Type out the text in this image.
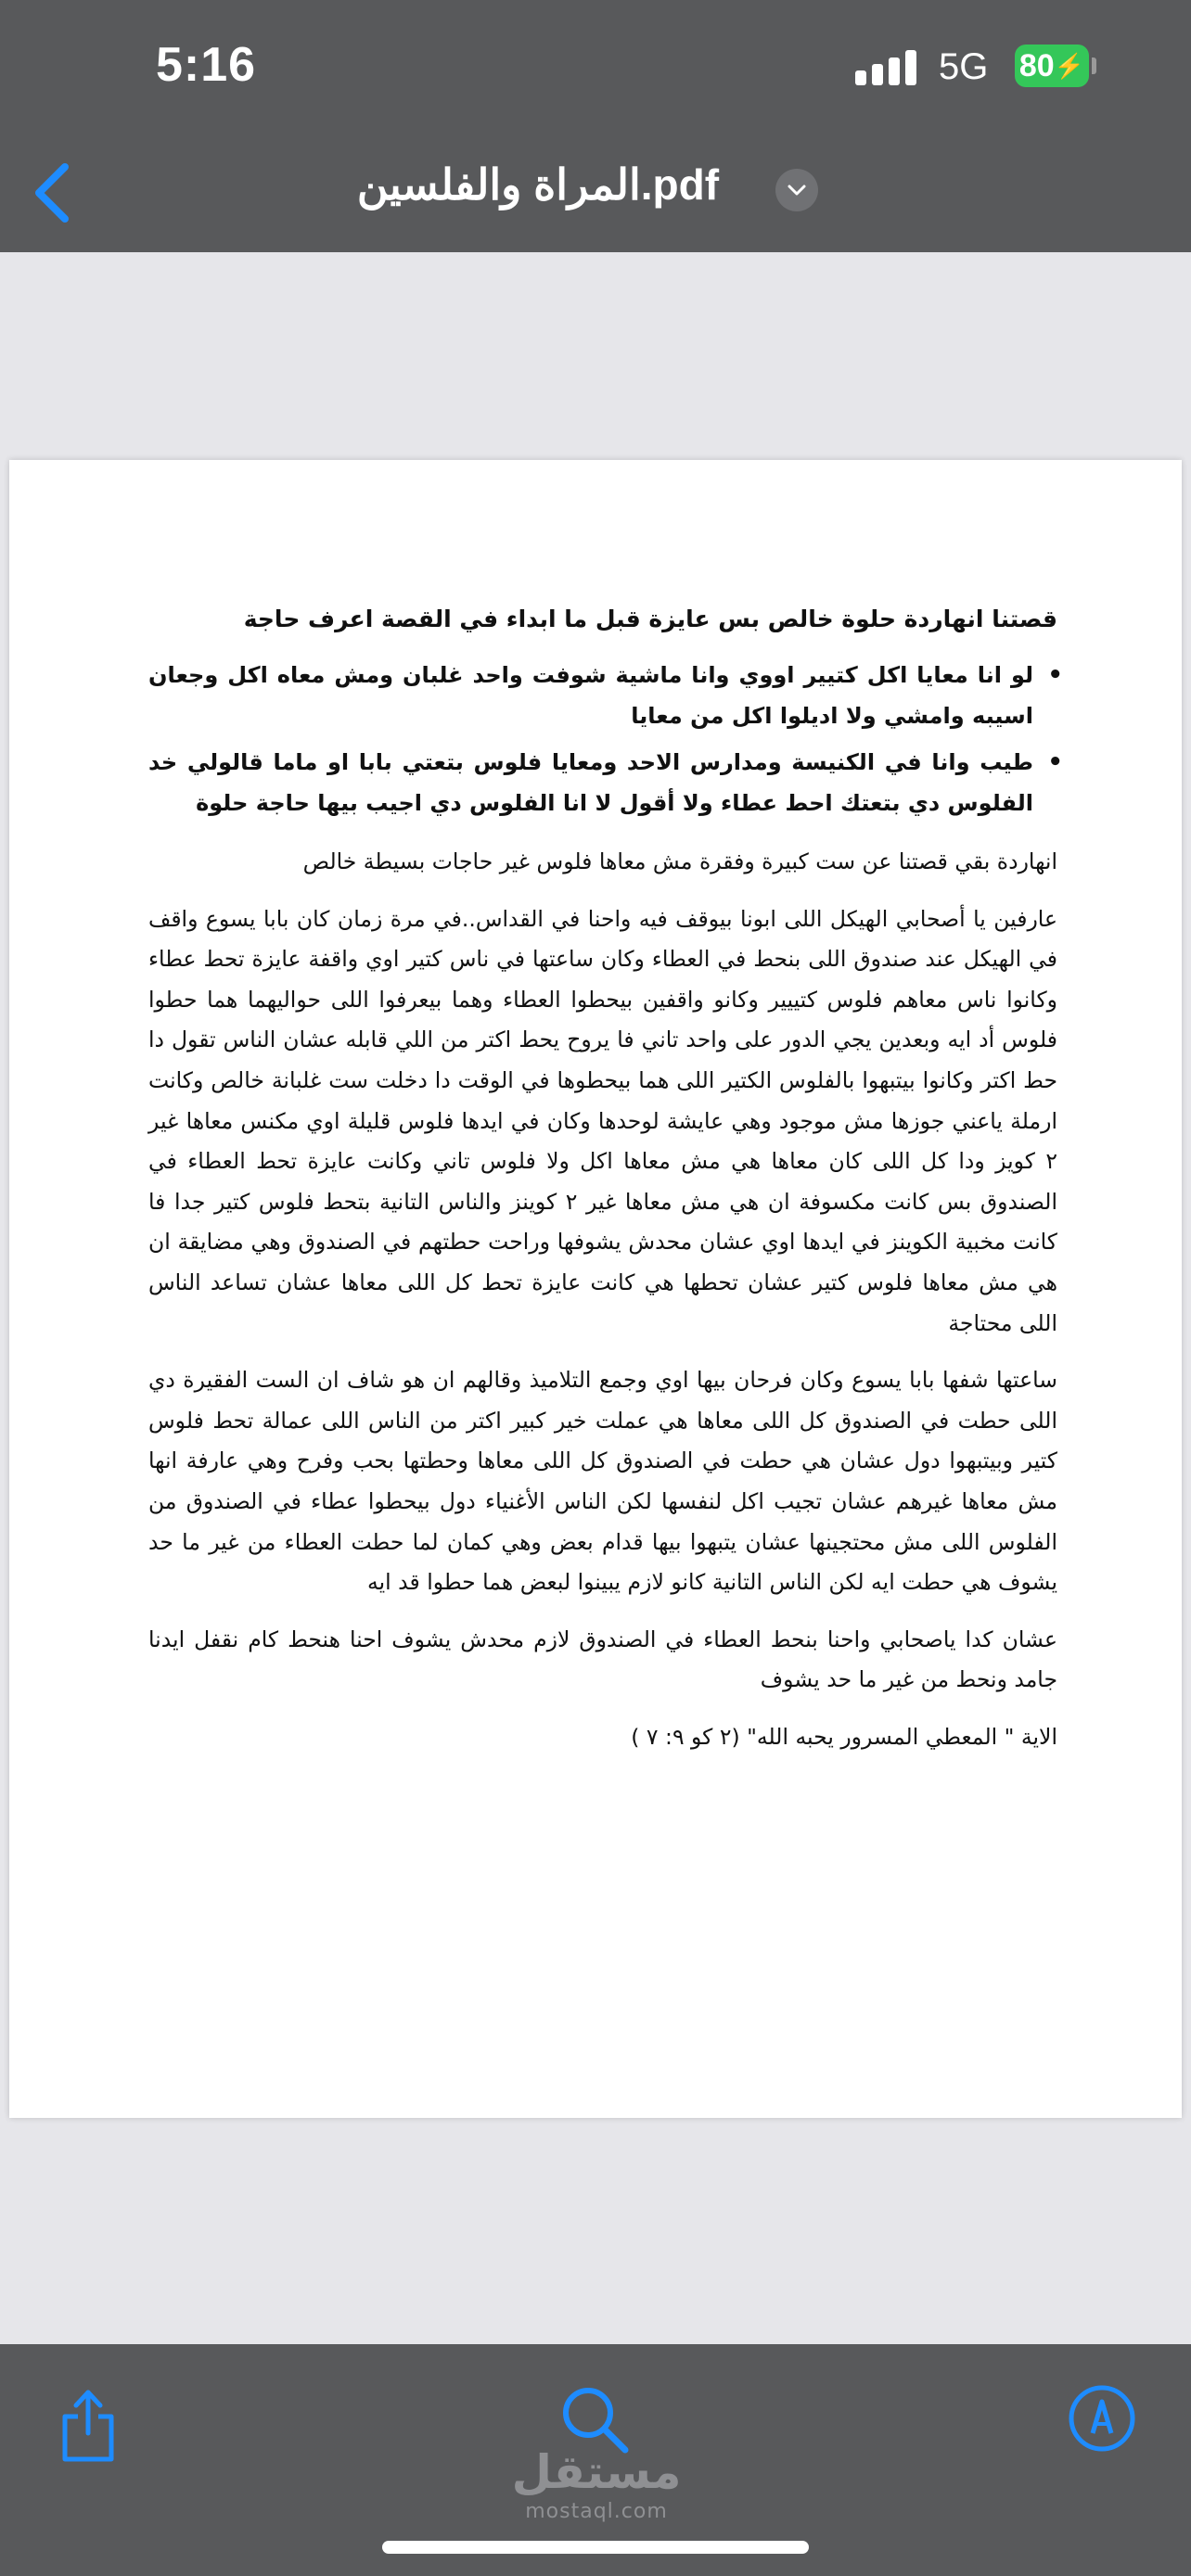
5:16	5G 80 ⚡
المراة والفلسين.pdf

قصتنا انهاردة حلوة خالص بس عايزة قبل ما ابداء في القصة اعرف حاجة

• لو انا معايا اكل كتيير اووي وانا ماشية شوفت واحد غلبان ومش معاه اكل وجعان اسيبه وامشي ولا اديلوا اكل من معايا
• طيب وانا في الكنيسة ومدارس الاحد ومعايا فلوس بتعتي بابا او ماما قالولي خد الفلوس دي بتعتك احط عطاء ولا أقول لا انا الفلوس دي اجيب بيها حاجة حلوة

انهاردة بقي قصتنا عن ست كبيرة وفقرة مش معاها فلوس غير حاجات بسيطة خالص

عارفين يا أصحابي الهيكل اللى ابونا بيوقف فيه واحنا في القداس..في مرة زمان كان بابا يسوع واقف في الهيكل عند صندوق اللى بنحط في العطاء وكان ساعتها في ناس كتير اوي واقفة عايزة تحط عطاء وكانوا ناس معاهم فلوس كتييير وكانو واقفين بيحطوا العطاء وهما بيعرفوا اللى حواليهما هما حطوا فلوس أد ايه وبعدين يجي الدور على واحد تاني فا يروح يحط اكتر من اللي قابله عشان الناس تقول دا حط اكتر وكانوا بيتبهوا بالفلوس الكتير اللى هما بيحطوها في الوقت دا دخلت ست غلبانة خالص وكانت ارملة ياعني جوزها مش موجود وهي عايشة لوحدها وكان في ايدها فلوس قليلة اوي مكنس معاها غير ٢ كويز ودا كل اللى كان معاها هي مش معاها اكل ولا فلوس تاني وكانت عايزة تحط العطاء في الصندوق بس كانت مكسوفة ان هي مش معاها غير ٢ كوينز والناس التانية بتحط فلوس كتير جدا فا كانت مخبية الكوينز في ايدها اوي عشان محدش يشوفها وراحت حطتهم في الصندوق وهي مضايقة ان هي مش معاها فلوس كتير عشان تحطها هي كانت عايزة تحط كل اللى معاها عشان تساعد الناس اللى محتاجة

ساعتها شفها بابا يسوع وكان فرحان بيها اوي وجمع التلاميذ وقالهم ان هو شاف ان الست الفقيرة دي اللى حطت في الصندوق كل اللى معاها هي عملت خير كبير اكتر من الناس اللى عمالة تحط فلوس كتير وبيتبهوا دول عشان هي حطت في الصندوق كل اللى معاها وحطتها بحب وفرح وهي عارفة انها مش معاها غيرهم عشان تجيب اكل لنفسها لكن الناس الأغنياء دول بيحطوا عطاء في الصندوق من الفلوس اللى مش محتجينها عشان يتبهوا بيها قدام بعض وهي كمان لما حطت العطاء من غير ما حد يشوف هي حطت ايه لكن الناس التانية كانو لازم يبينوا لبعض هما حطوا قد ايه

عشان كدا ياصحابي واحنا بنحط العطاء في الصندوق لازم محدش يشوف احنا هنحط كام نقفل ايدنا جامد ونحط من غير ما حد يشوف

الاية " المعطي المسرور يحبه الله" (٢ كو ٩: ٧ )

مستقل
mostaql.com
